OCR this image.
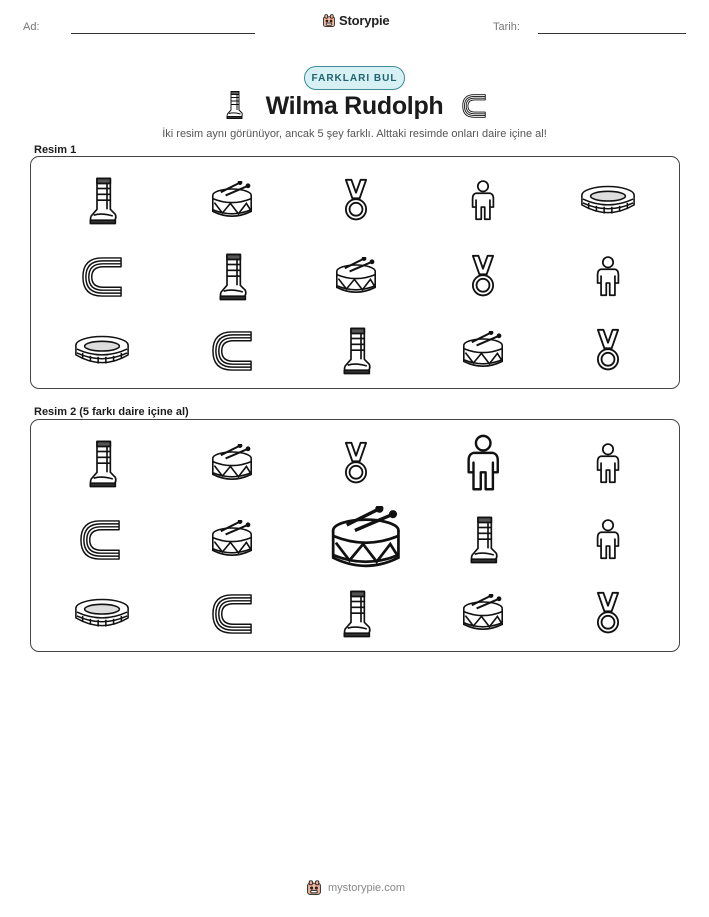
Ad:	Storypie	Tarih:
FARKLARI BUL
Wilma Rudolph
İki resim aynı görünüyor, ancak 5 şey farklı. Alttaki resimde onları daire içine al!
Resim 1
Resim 2 (5 farkı daire içine al)
mystorypie.com
